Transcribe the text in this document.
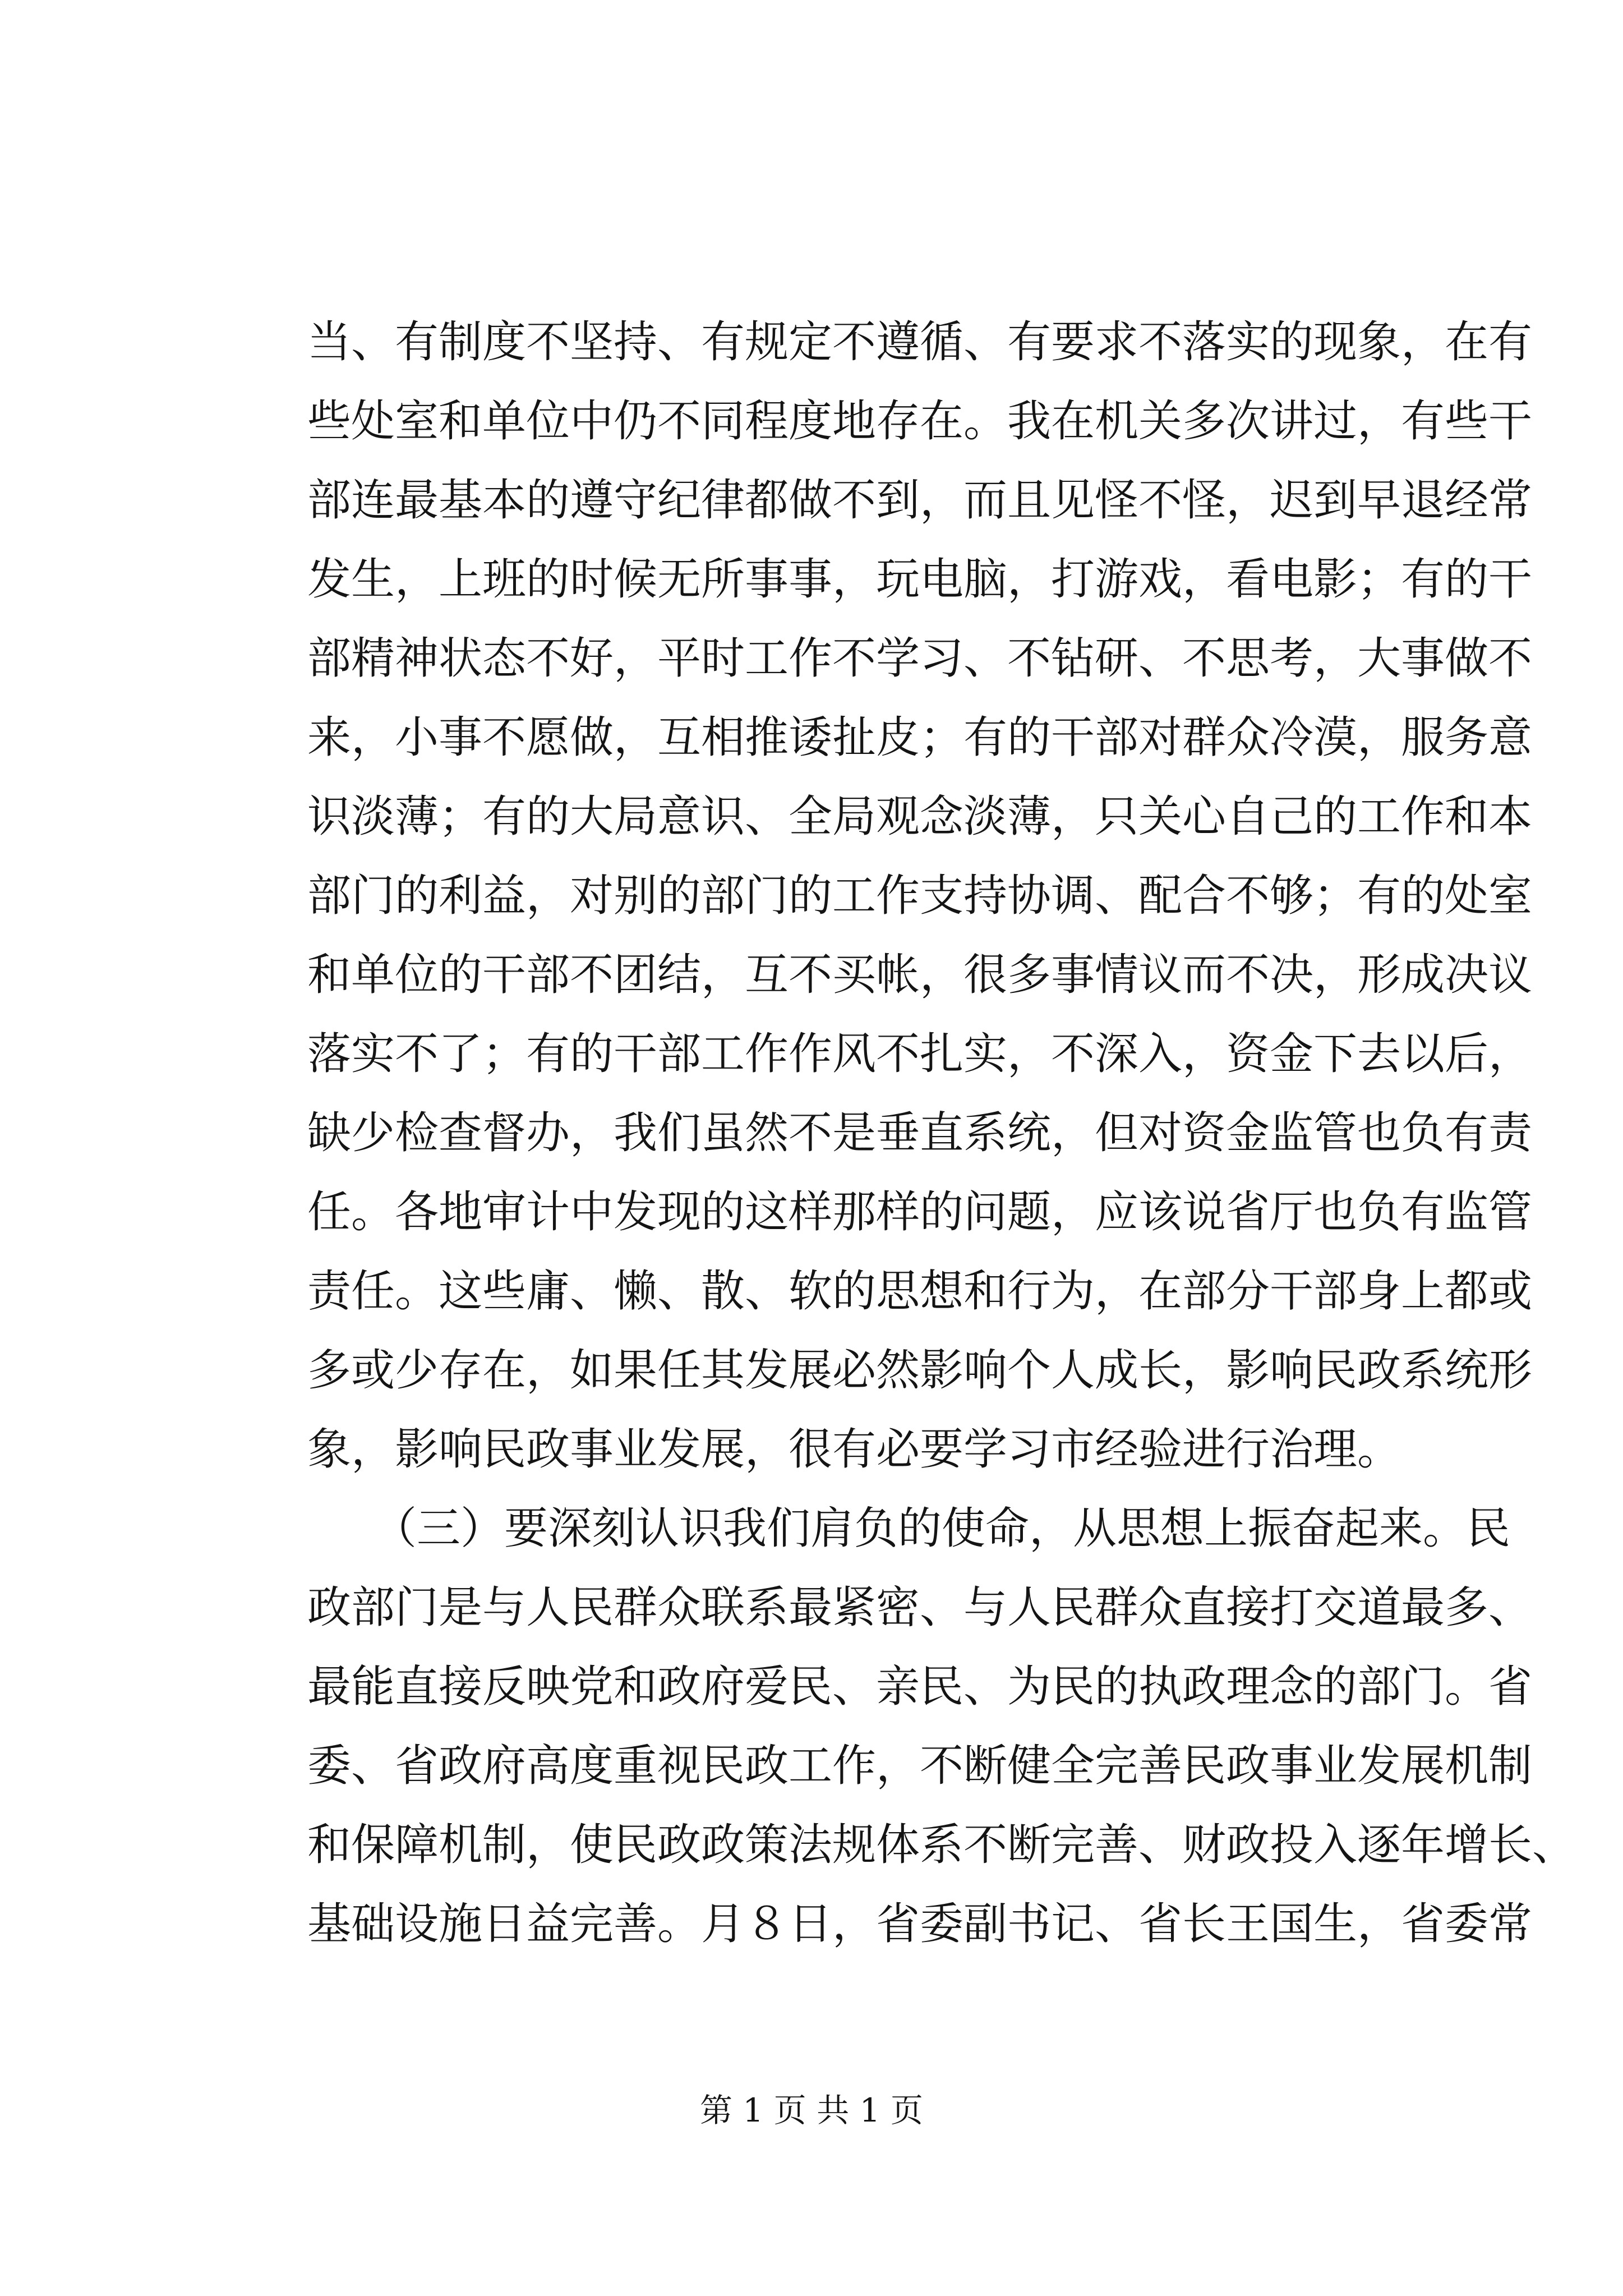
当、有制度不坚持、有规定不遵循、有要求不落实的现象，在有
些处室和单位中仍不同程度地存在。我在机关多次讲过，有些干
部连最基本的遵守纪律都做不到，而且见怪不怪，迟到早退经常
发生，上班的时候无所事事，玩电脑，打游戏，看电影；有的干
部精神状态不好，平时工作不学习、不钻研、不思考，大事做不
来，小事不愿做，互相推诿扯皮；有的干部对群众冷漠，服务意
识淡薄；有的大局意识、全局观念淡薄，只关心自己的工作和本
部门的利益，对别的部门的工作支持协调、配合不够；有的处室
和单位的干部不团结，互不买帐，很多事情议而不决，形成决议
落实不了；有的干部工作作风不扎实，不深入，资金下去以后，
缺少检查督办，我们虽然不是垂直系统，但对资金监管也负有责
任。各地审计中发现的这样那样的问题，应该说省厅也负有监管
责任。这些庸、懒、散、软的思想和行为，在部分干部身上都或
多或少存在，如果任其发展必然影响个人成长，影响民政系统形
象，影响民政事业发展，很有必要学习市经验进行治理。
　　（三）要深刻认识我们肩负的使命，从思想上振奋起来。民
政部门是与人民群众联系最紧密、与人民群众直接打交道最多、
最能直接反映党和政府爱民、亲民、为民的执政理念的部门。省
委、省政府高度重视民政工作，不断健全完善民政事业发展机制
和保障机制，使民政政策法规体系不断完善、财政投入逐年增长、
基础设施日益完善。月８日，省委副书记、省长王国生，省委常
第 1 页 共 1 页
